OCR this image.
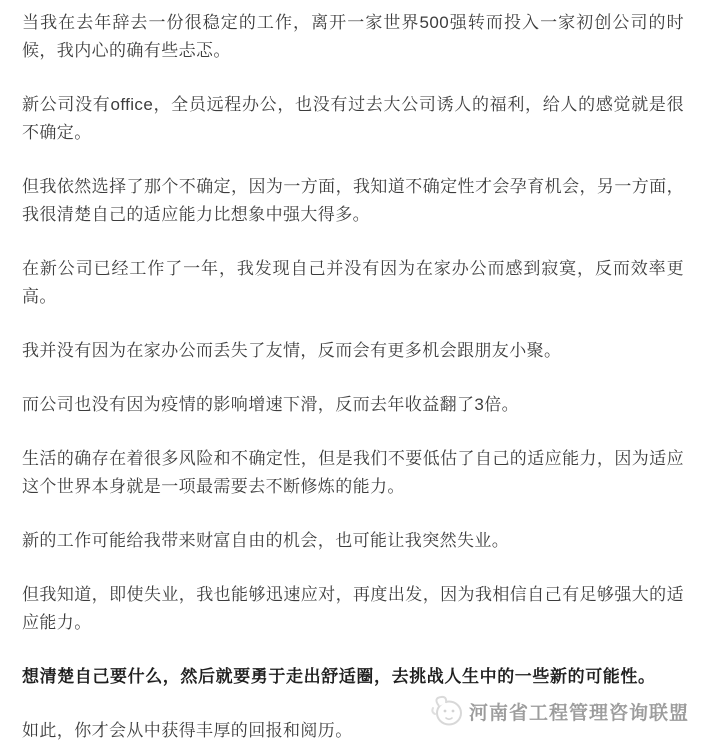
当我在去年辞去一份很稳定的工作，离开一家世界500强转而投入一家初创公司的时候，我内心的确有些忐忑。

新公司没有office，全员远程办公，也没有过去大公司诱人的福利，给人的感觉就是很不确定。

但我依然选择了那个不确定，因为一方面，我知道不确定性才会孕育机会，另一方面，我很清楚自己的适应能力比想象中强大得多。

在新公司已经工作了一年，我发现自己并没有因为在家办公而感到寂寞，反而效率更高。

我并没有因为在家办公而丢失了友情，反而会有更多机会跟朋友小聚。

而公司也没有因为疫情的影响增速下滑，反而去年收益翻了3倍。

生活的确存在着很多风险和不确定性，但是我们不要低估了自己的适应能力，因为适应这个世界本身就是一项最需要去不断修炼的能力。

新的工作可能给我带来财富自由的机会，也可能让我突然失业。

但我知道，即使失业，我也能够迅速应对，再度出发，因为我相信自己有足够强大的适应能力。

想清楚自己要什么，然后就要勇于走出舒适圈，去挑战人生中的一些新的可能性。

如此，你才会从中获得丰厚的回报和阅历。

河南省工程管理咨询联盟
